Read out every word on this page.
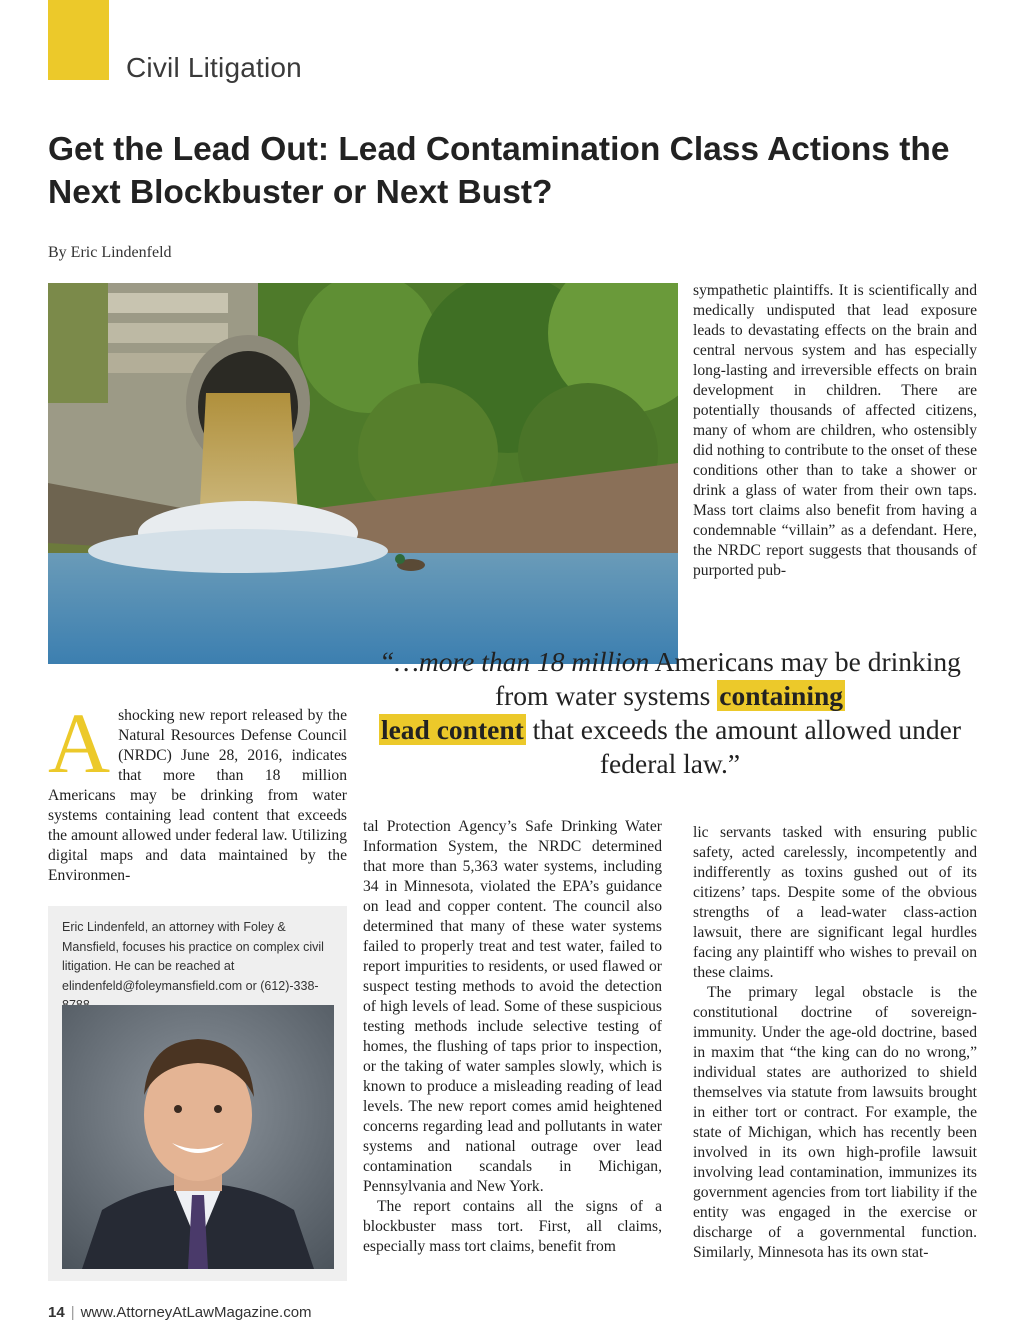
Civil Litigation
Get the Lead Out: Lead Contamination Class Actions the Next Blockbuster or Next Bust?
By Eric Lindenfeld

sympathetic plaintiffs. It is scientifically and medically undisputed that lead exposure leads to devastating effects on the brain and central nervous system and has especially long-lasting and irreversible effects on brain development in children. There are potentially thousands of affected citizens, many of whom are children, who ostensibly did nothing to contribute to the onset of these conditions other than to take a shower or drink a glass of water from their own taps. Mass tort claims also benefit from having a condemnable “villain” as a defendant. Here, the NRDC report suggests that thousands of purported pub-

“…more than 18 million Americans may be drinking from water systems containing
lead content that exceeds the amount allowed under federal law.”
A shocking new report released by the Natural Resources Defense Council (NRDC) June 28, 2016, indicates that more than 18 million Americans may be drinking from water systems containing lead content that exceeds the amount allowed under federal law. Utilizing digital maps and data maintained by the Environmen-

Eric Lindenfeld, an attorney with Foley & Mansfield, focuses his practice on complex civil litigation. He can be reached at elindenfeld@foleymansfield.com or (612)-338-

tal Protection Agency’s Safe Drinking Water Information System, the NRDC determined that more than 5,363 water systems, including 34 in Minnesota, violated the EPA’s guidance on lead and copper content. The council also determined that many of these water systems failed to properly treat and test water, failed to report impurities to residents, or used flawed or suspect testing methods to avoid the detection of high levels of lead. Some of these suspicious testing methods include selective testing of homes, the flushing of taps prior to inspection, or the taking of water samples slowly, which is known to produce a misleading reading of lead levels. The new report comes amid heightened concerns regarding lead and pollutants in water systems and national outrage over lead contamination scandals in Michigan, Pennsylvania and New York.

The report contains all the signs of a blockbuster mass tort. First, all claims, especially mass tort claims, benefit from

lic servants tasked with ensuring public safety, acted carelessly, incompetently and indifferently as toxins gushed out of its citizens’ taps. Despite some of the obvious strengths of a lead-water class-action lawsuit, there are significant legal hurdles facing any plaintiff who wishes to prevail on these claims.

The primary legal obstacle is the constitutional doctrine of sovereign-immunity. Under the age-old doctrine, based in maxim that “the king can do no wrong,” individual states are authorized to shield themselves via statute from lawsuits brought in either tort or contract. For example, the state of Michigan, which has recently been involved in its own high-profile lawsuit involving lead contamination, immunizes its government agencies from tort liability if the entity was engaged in the exercise or discharge of a governmental function. Similarly, Minnesota has its own stat-

14 | www.AttorneyAtLawMagazine.com
